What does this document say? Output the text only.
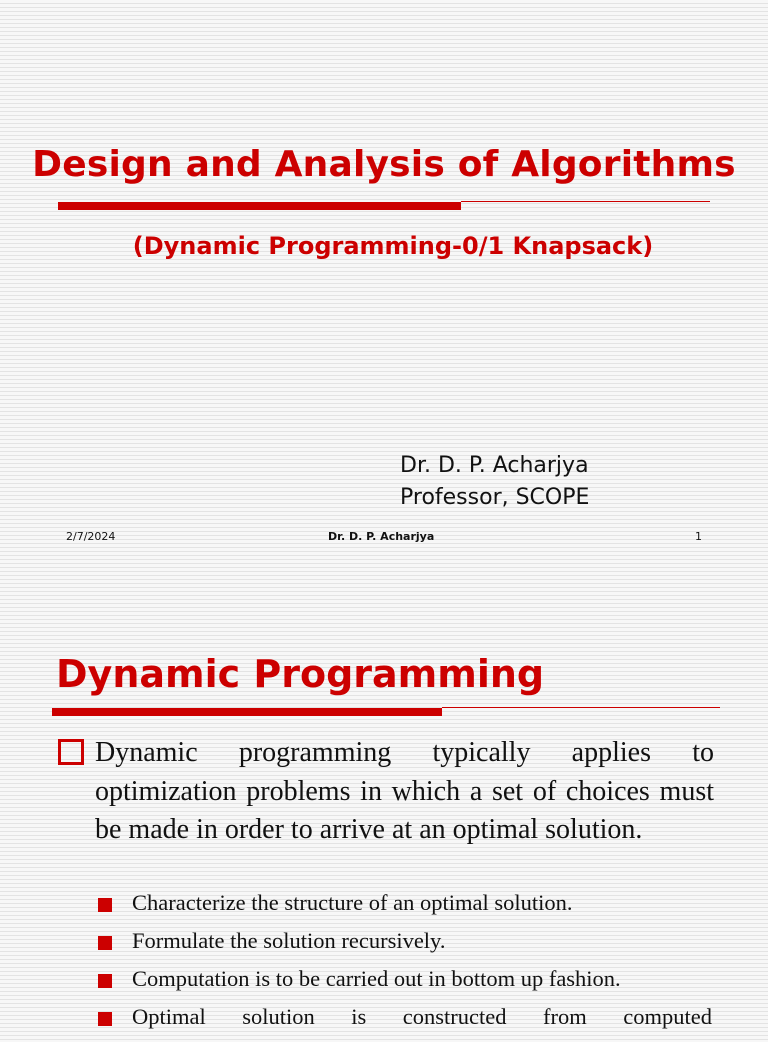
Design and Analysis of Algorithms
(Dynamic Programming-0/1 Knapsack)
Dr. D. P. Acharjya
Professor, SCOPE
2/7/2024	Dr. D. P. Acharjya	1
Dynamic Programming
Dynamic programming typically applies to optimization problems in which a set of choices must be made in order to arrive at an optimal solution.
Characterize the structure of an optimal solution.
Formulate the solution recursively.
Computation is to be carried out in bottom up fashion.
Optimal solution is constructed from computed
